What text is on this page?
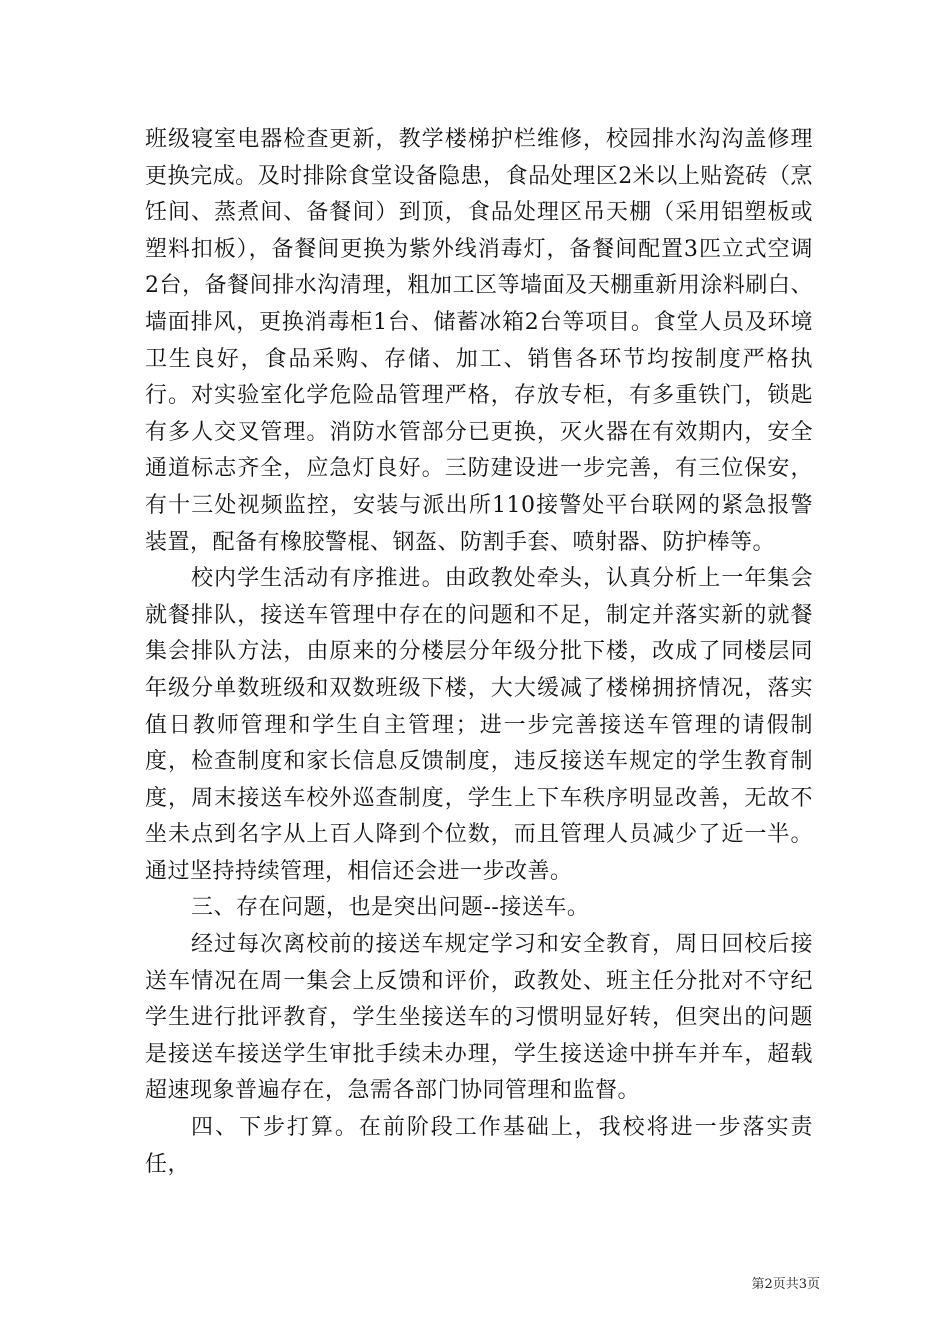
班级寝室电器检查更新，教学楼梯护栏维修，校园排水沟沟盖修理更换完成。及时排除食堂设备隐患，食品处理区2米以上贴瓷砖（烹饪间、蒸煮间、备餐间）到顶，食品处理区吊天棚（采用铝塑板或塑料扣板），备餐间更换为紫外线消毒灯，备餐间配置3匹立式空调2台，备餐间排水沟清理，粗加工区等墙面及天棚重新用涂料刷白、墙面排风，更换消毒柜1台、储蓄冰箱2台等项目。食堂人员及环境卫生良好，食品采购、存储、加工、销售各环节均按制度严格执行。对实验室化学危险品管理严格，存放专柜，有多重铁门，锁匙有多人交叉管理。消防水管部分已更换，灭火器在有效期内，安全通道标志齐全，应急灯良好。三防建设进一步完善，有三位保安，有十三处视频监控，安装与派出所110接警处平台联网的紧急报警装置，配备有橡胶警棍、钢盔、防割手套、喷射器、防护棒等。

校内学生活动有序推进。由政教处牵头，认真分析上一年集会就餐排队，接送车管理中存在的问题和不足，制定并落实新的就餐集会排队方法，由原来的分楼层分年级分批下楼，改成了同楼层同年级分单数班级和双数班级下楼，大大缓减了楼梯拥挤情况，落实值日教师管理和学生自主管理；进一步完善接送车管理的请假制度，检查制度和家长信息反馈制度，违反接送车规定的学生教育制度，周末接送车校外巡查制度，学生上下车秩序明显改善，无故不坐未点到名字从上百人降到个位数，而且管理人员减少了近一半。通过坚持持续管理，相信还会进一步改善。

三、存在问题，也是突出问题--接送车。

经过每次离校前的接送车规定学习和安全教育，周日回校后接送车情况在周一集会上反馈和评价，政教处、班主任分批对不守纪学生进行批评教育，学生坐接送车的习惯明显好转，但突出的问题是接送车接送学生审批手续未办理，学生接送途中拼车并车，超载超速现象普遍存在，急需各部门协同管理和监督。

四、下步打算。在前阶段工作基础上，我校将进一步落实责任，

第2页共3页
